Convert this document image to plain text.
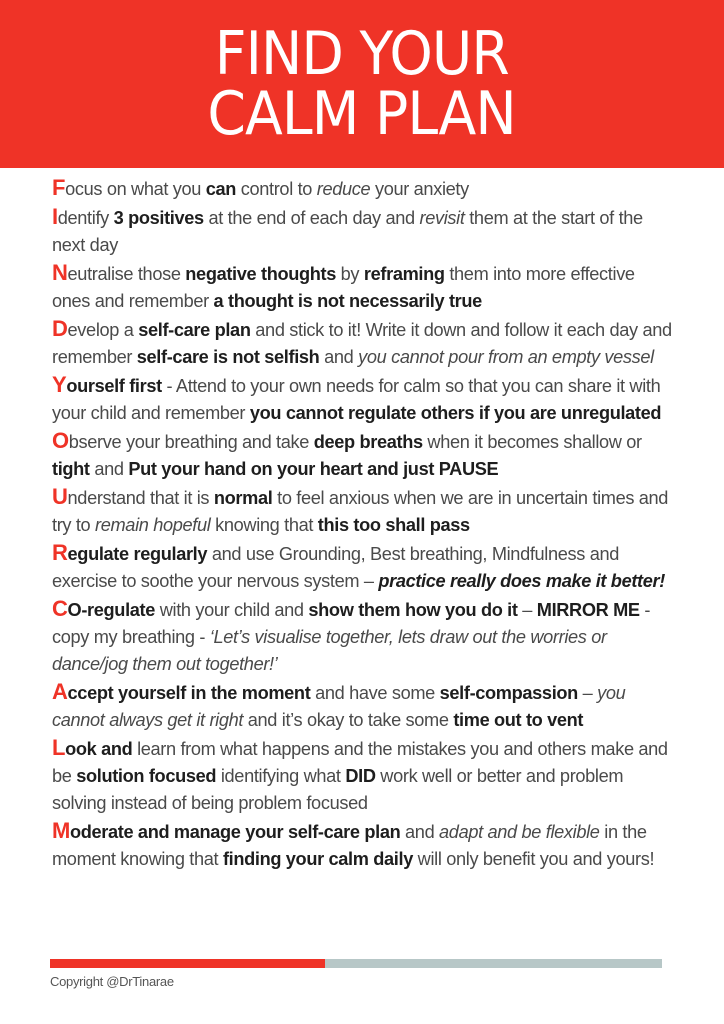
FIND YOUR
CALM PLAN

Focus on what you can control to reduce your anxiety

Identify 3 positives at the end of each day and revisit them at the start of the next day

Neutralise those negative thoughts by reframing them into more effective ones and remember a thought is not necessarily true

Develop a self-care plan and stick to it! Write it down and follow it each day and remember self-care is not selfish and you cannot pour from an empty vessel

Yourself first - Attend to your own needs for calm so that you can share it with your child and remember you cannot regulate others if you are unregulated

Observe your breathing and take deep breaths when it becomes shallow or tight and Put your hand on your heart and just PAUSE

Understand that it is normal to feel anxious when we are in uncertain times and try to remain hopeful knowing that this too shall pass

Regulate regularly and use Grounding, Best breathing, Mindfulness and exercise to soothe your nervous system – practice really does make it better!

CO-regulate with your child and show them how you do it – MIRROR ME - copy my breathing - ‘Let’s visualise together, lets draw out the worries or dance/jog them out together!’

Accept yourself in the moment and have some self-compassion – you cannot always get it right and it’s okay to take some time out to vent

Look and learn from what happens and the mistakes you and others make and be solution focused identifying what DID work well or better and problem solving instead of being problem focused

Moderate and manage your self-care plan and adapt and be flexible in the moment knowing that finding your calm daily will only benefit you and yours!

Copyright @DrTinarae
